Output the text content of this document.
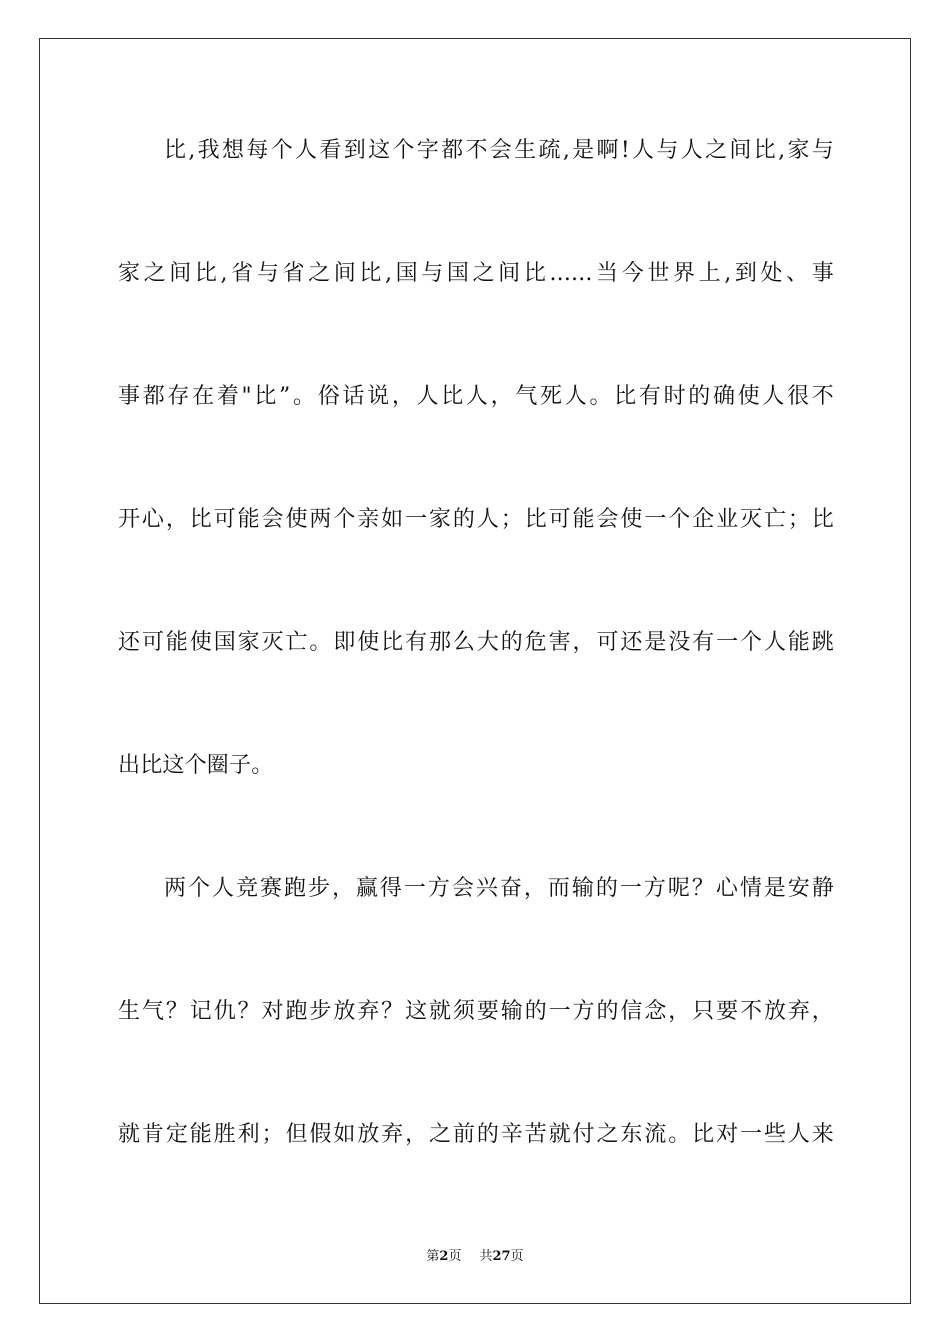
比,我想每个人看到这个字都不会生疏,是啊!人与人之间比,家与
家之间比,省与省之间比,国与国之间比......当今世界上,到处、事
事都存在着"比”。俗话说，人比人，气死人。比有时的确使人很不
开心，比可能会使两个亲如一家的人；比可能会使一个企业灭亡；比
还可能使国家灭亡。即使比有那么大的危害，可还是没有一个人能跳
出比这个圈子。
两个人竞赛跑步，赢得一方会兴奋，而输的一方呢？心情是安静
生气？记仇？对跑步放弃？这就须要输的一方的信念，只要不放弃，
就肯定能胜利；但假如放弃，之前的辛苦就付之东流。比对一些人来
第2页 共27页
